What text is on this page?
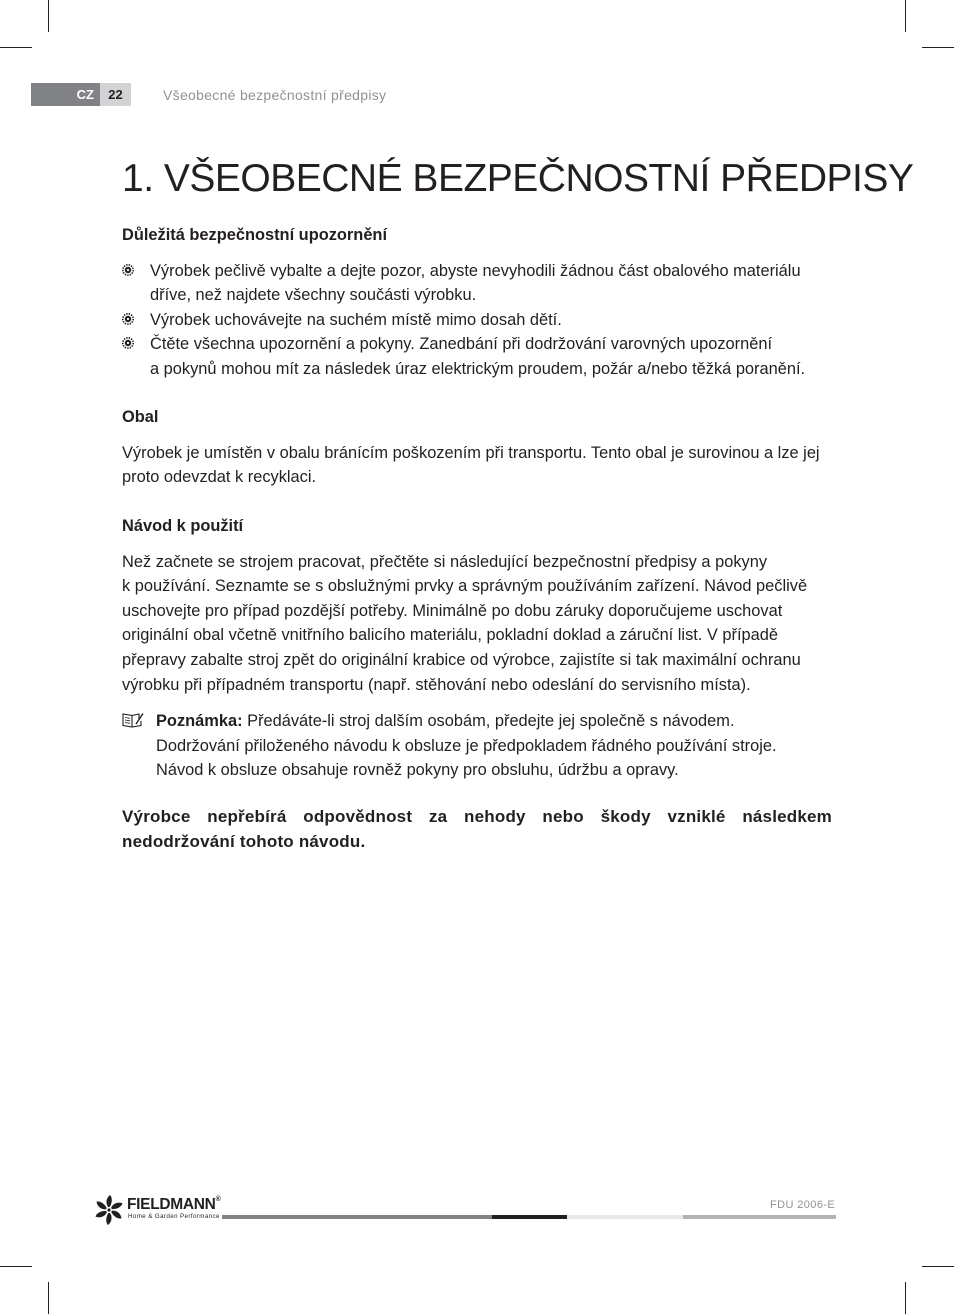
CZ	22	Všeobecné bezpečnostní předpisy
1. VŠEOBECNÉ BEZPEČNOSTNÍ PŘEDPISY
Důležitá bezpečnostní upozornění
Výrobek pečlivě vybalte a dejte pozor, abyste nevyhodili žádnou část obalového materiálu
dříve, než najdete všechny součásti výrobku.
Výrobek uchovávejte na suchém místě mimo dosah dětí.
Čtěte všechna upozornění a pokyny. Zanedbání při dodržování varovných upozornění
a pokynů mohou mít za následek úraz elektrickým proudem, požár a/nebo těžká poranění.
Obal
Výrobek je umístěn v obalu bránícím poškozením při transportu. Tento obal je surovinou a lze jej
proto odevzdat k recyklaci.
Návod k použití
Než začnete se strojem pracovat, přečtěte si následující bezpečnostní předpisy a pokyny
k používání. Seznamte se s obslužnými prvky a správným používáním zařízení. Návod pečlivě
uschovejte pro případ pozdější potřeby. Minimálně po dobu záruky doporučujeme uschovat
originální obal včetně vnitřního balicího materiálu, pokladní doklad a záruční list. V případě
přepravy zabalte stroj zpět do originální krabice od výrobce, zajistíte si tak maximální ochranu
výrobku při případném transportu (např. stěhování nebo odeslání do servisního místa).
Poznámka: Předáváte-li stroj dalším osobám, předejte jej společně s návodem.
Dodržování přiloženého návodu k obsluze je předpokladem řádného používání stroje.
Návod k obsluze obsahuje rovněž pokyny pro obsluhu, údržbu a opravy.
Výrobce nepřebírá odpovědnost za nehody nebo škody vzniklé následkem nedodržování tohoto návodu.
FIELDMANN®
Home & Garden Performance
FDU 2006-E
